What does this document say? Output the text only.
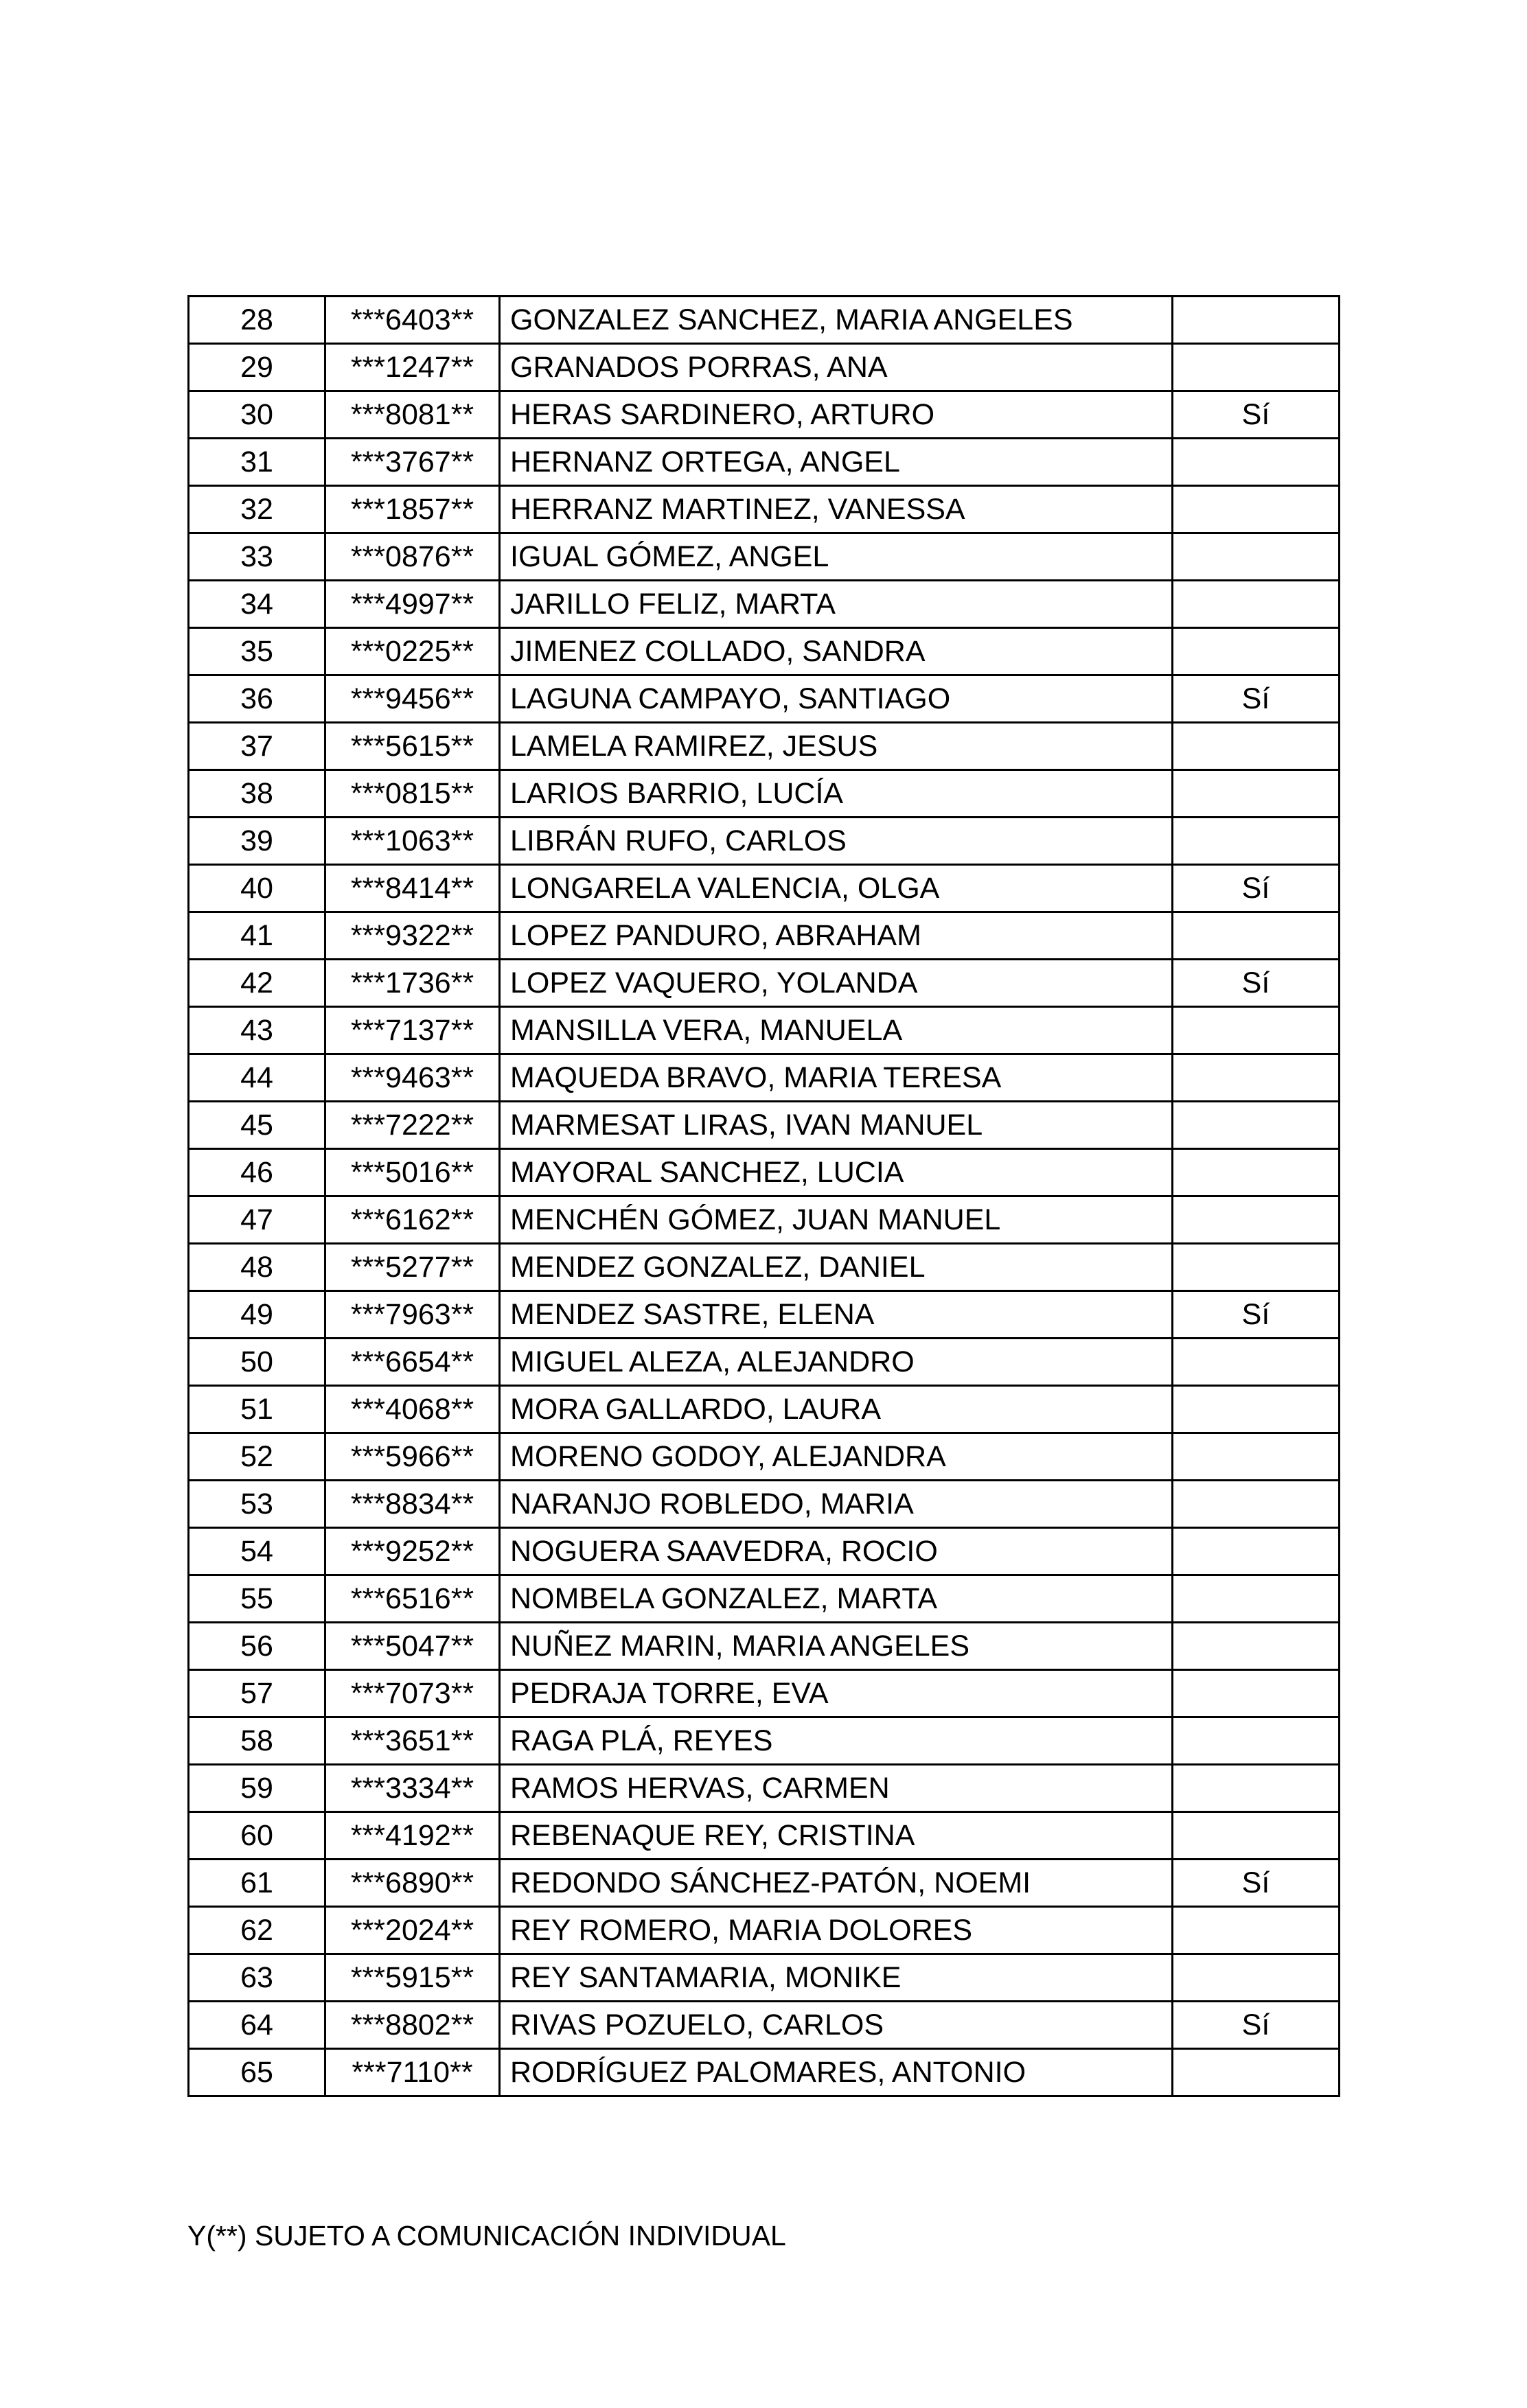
28	***6403**	GONZALEZ SANCHEZ, MARIA ANGELES	
29	***1247**	GRANADOS PORRAS, ANA	
30	***8081**	HERAS SARDINERO, ARTURO	Sí
31	***3767**	HERNANZ ORTEGA, ANGEL	
32	***1857**	HERRANZ MARTINEZ, VANESSA	
33	***0876**	IGUAL GÓMEZ, ANGEL	
34	***4997**	JARILLO FELIZ, MARTA	
35	***0225**	JIMENEZ COLLADO, SANDRA	
36	***9456**	LAGUNA CAMPAYO, SANTIAGO	Sí
37	***5615**	LAMELA RAMIREZ, JESUS	
38	***0815**	LARIOS BARRIO, LUCÍA	
39	***1063**	LIBRÁN RUFO, CARLOS	
40	***8414**	LONGARELA VALENCIA, OLGA	Sí
41	***9322**	LOPEZ PANDURO, ABRAHAM	
42	***1736**	LOPEZ VAQUERO, YOLANDA	Sí
43	***7137**	MANSILLA VERA, MANUELA	
44	***9463**	MAQUEDA BRAVO, MARIA TERESA	
45	***7222**	MARMESAT LIRAS, IVAN MANUEL	
46	***5016**	MAYORAL SANCHEZ, LUCIA	
47	***6162**	MENCHÉN GÓMEZ, JUAN MANUEL	
48	***5277**	MENDEZ GONZALEZ, DANIEL	
49	***7963**	MENDEZ SASTRE, ELENA	Sí
50	***6654**	MIGUEL ALEZA, ALEJANDRO	
51	***4068**	MORA GALLARDO, LAURA	
52	***5966**	MORENO GODOY, ALEJANDRA	
53	***8834**	NARANJO ROBLEDO, MARIA	
54	***9252**	NOGUERA SAAVEDRA, ROCIO	
55	***6516**	NOMBELA GONZALEZ, MARTA	
56	***5047**	NUÑEZ MARIN, MARIA ANGELES	
57	***7073**	PEDRAJA TORRE, EVA	
58	***3651**	RAGA PLÁ, REYES	
59	***3334**	RAMOS HERVAS, CARMEN	
60	***4192**	REBENAQUE REY, CRISTINA	
61	***6890**	REDONDO SÁNCHEZ-PATÓN, NOEMI	Sí
62	***2024**	REY ROMERO, MARIA DOLORES	
63	***5915**	REY SANTAMARIA, MONIKE	
64	***8802**	RIVAS POZUELO, CARLOS	Sí
65	***7110**	RODRÍGUEZ PALOMARES, ANTONIO	
Y(**) SUJETO A COMUNICACIÓN INDIVIDUAL
